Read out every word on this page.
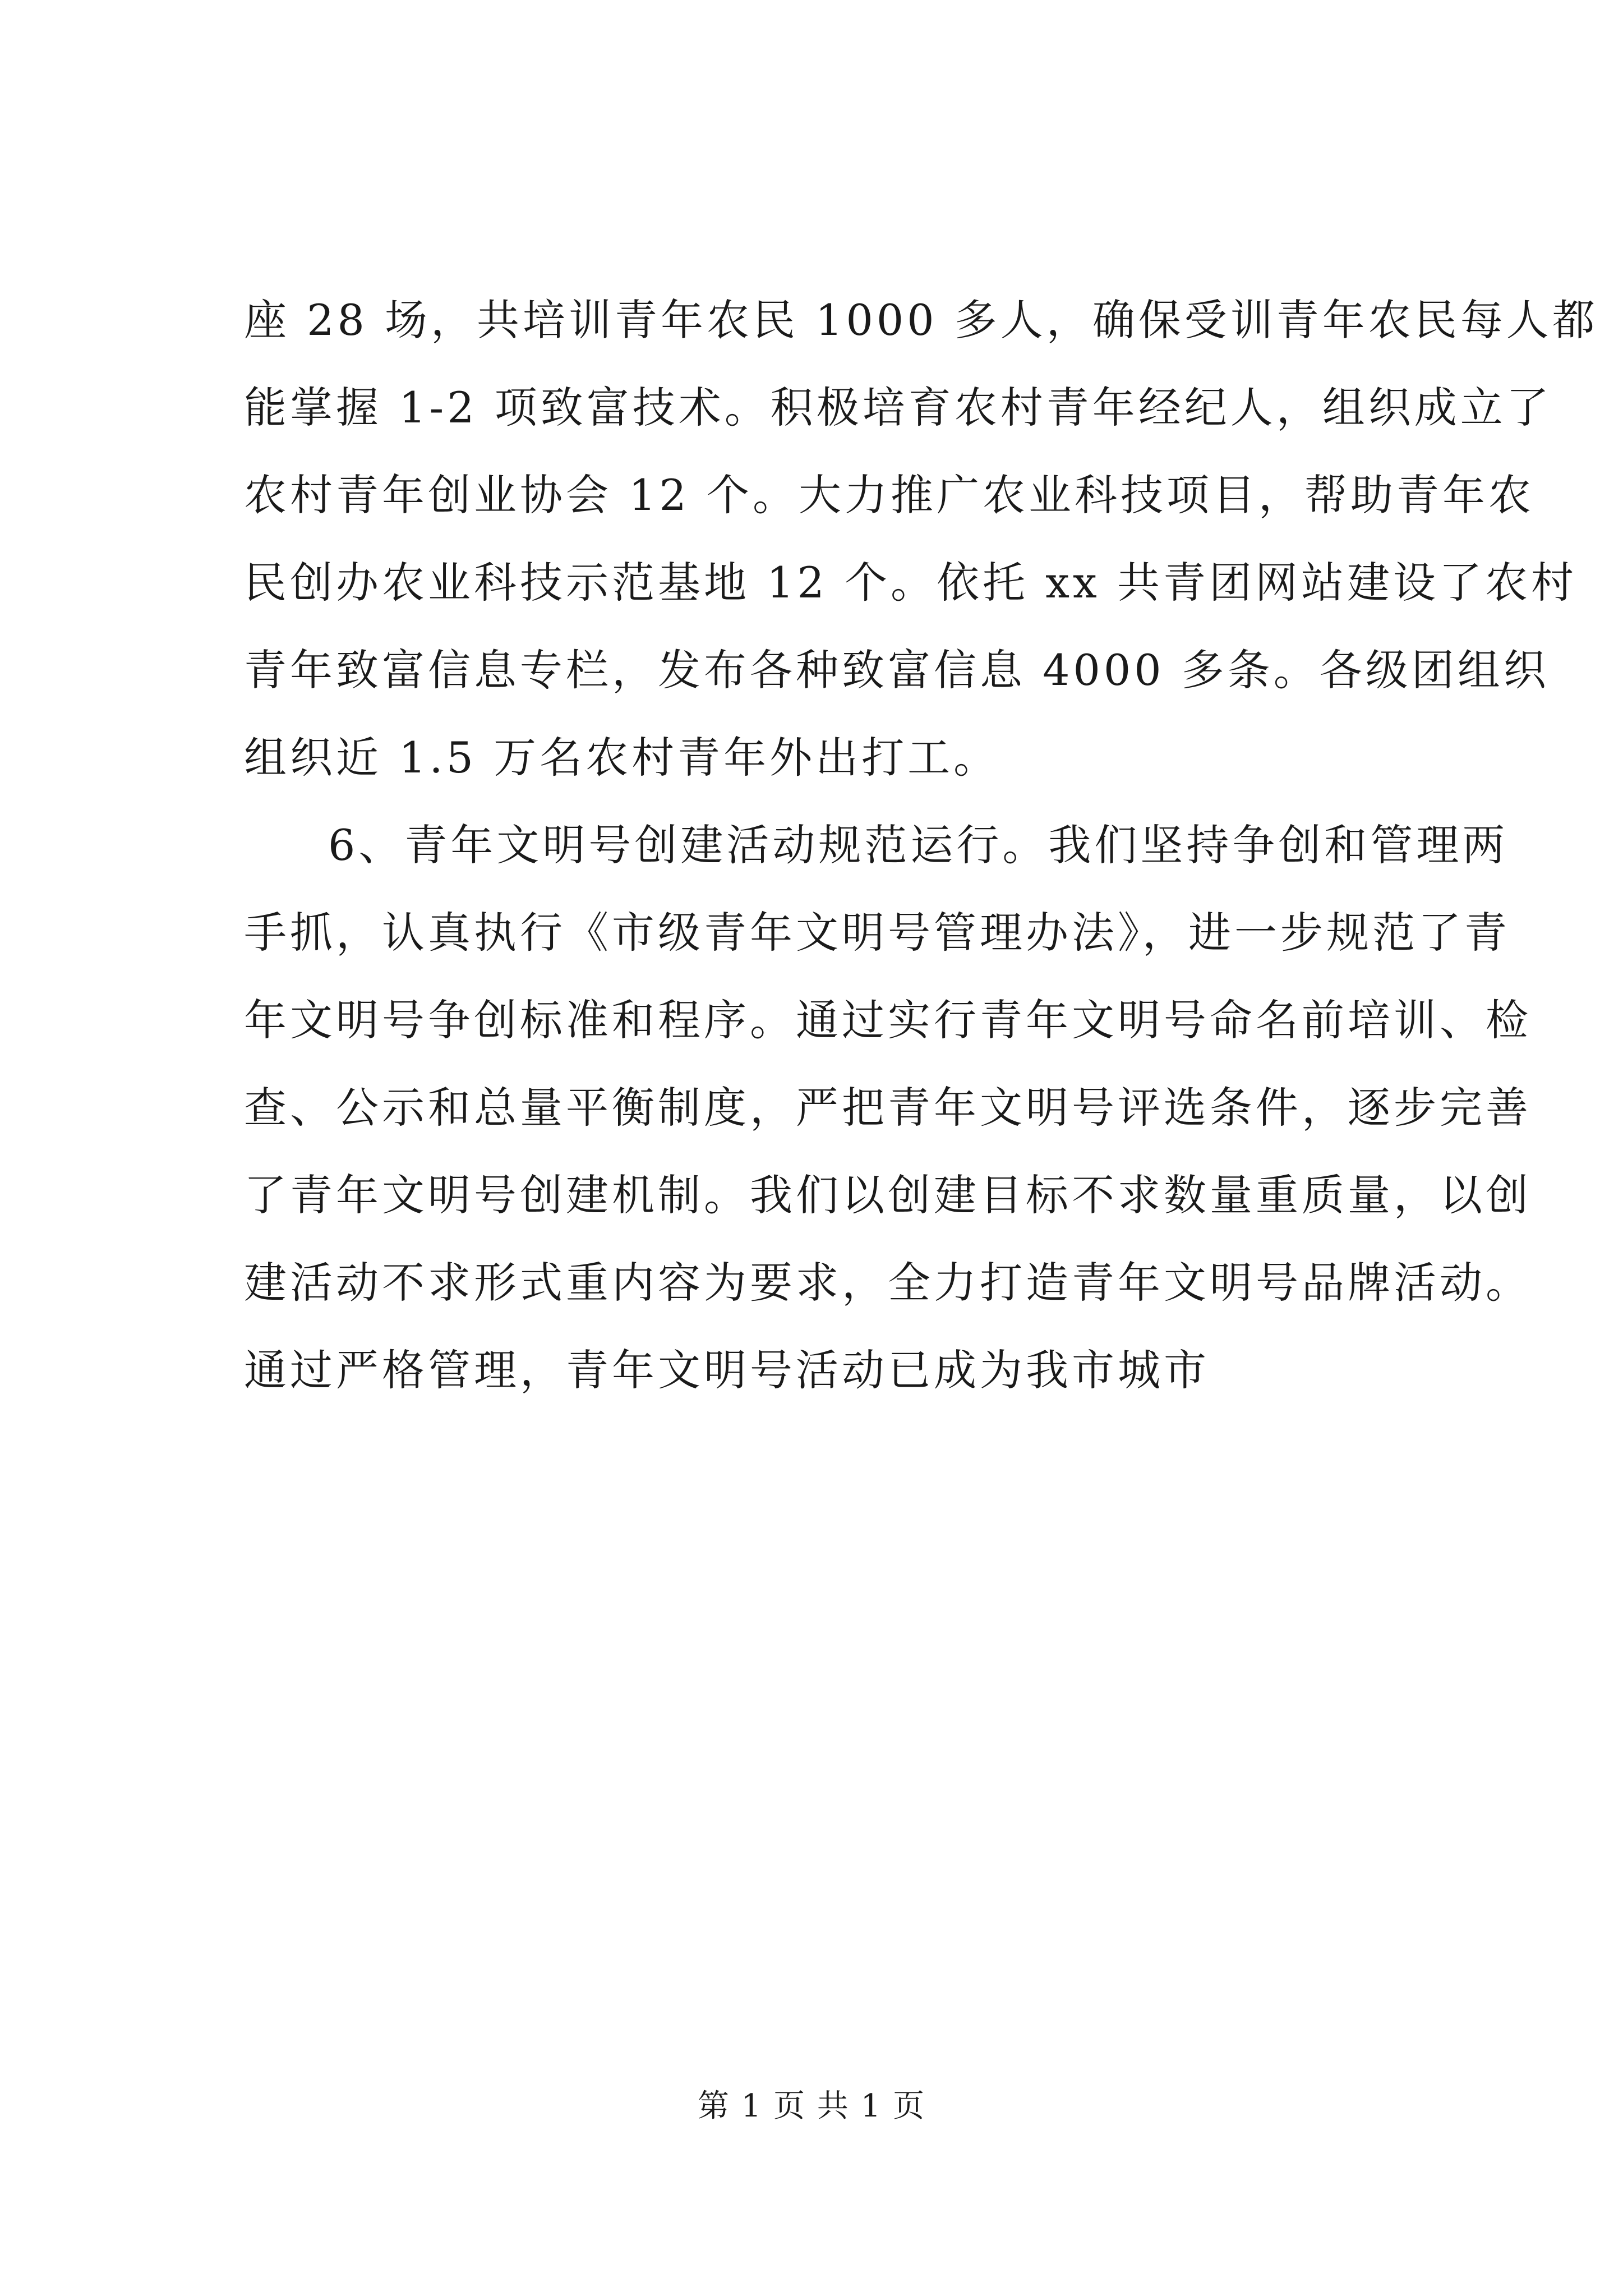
座 28 场，共培训青年农民 1000 多人，确保受训青年农民每人都
能掌握 1-2 项致富技术。积极培育农村青年经纪人，组织成立了
农村青年创业协会 12 个。大力推广农业科技项目，帮助青年农
民创办农业科技示范基地 12 个。依托 xx 共青团网站建设了农村
青年致富信息专栏，发布各种致富信息 4000 多条。各级团组织
组织近 1.5 万名农村青年外出打工。
6、青年文明号创建活动规范运行。我们坚持争创和管理两
手抓，认真执行《市级青年文明号管理办法》，进一步规范了青
年文明号争创标准和程序。通过实行青年文明号命名前培训、检
查、公示和总量平衡制度，严把青年文明号评选条件，逐步完善
了青年文明号创建机制。我们以创建目标不求数量重质量，以创
建活动不求形式重内容为要求，全力打造青年文明号品牌活动。
通过严格管理，青年文明号活动已成为我市城市
第 1 页 共 1 页
